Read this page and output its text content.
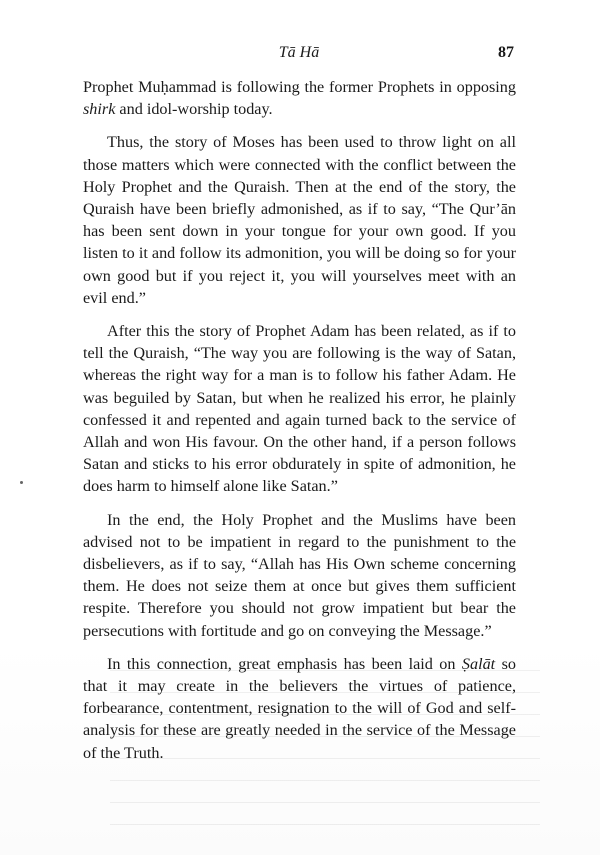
Tā Hā	87

Prophet Muḥammad is following the former Prophets in opposing shirk and idol-worship today.

Thus, the story of Moses has been used to throw light on all those matters which were connected with the conflict between the Holy Prophet and the Quraish. Then at the end of the story, the Quraish have been briefly admonished, as if to say, “The Qur’ān has been sent down in your tongue for your own good. If you listen to it and follow its admonition, you will be doing so for your own good but if you reject it, you will yourselves meet with an evil end.”

After this the story of Prophet Adam has been related, as if to tell the Quraish, “The way you are following is the way of Satan, whereas the right way for a man is to follow his father Adam. He was beguiled by Satan, but when he realized his error, he plainly confessed it and repented and again turned back to the service of Allah and won His favour. On the other hand, if a person follows Satan and sticks to his error obdurately in spite of admonition, he does harm to himself alone like Satan.”

In the end, the Holy Prophet and the Muslims have been advised not to be impatient in regard to the punishment to the disbelievers, as if to say, “Allah has His Own scheme concerning them. He does not seize them at once but gives them sufficient respite. Therefore you should not grow impatient but bear the persecutions with fortitude and go on conveying the Message.”

In this connection, great emphasis has been laid on Ṣalāt so that it may create in the believers the virtues of patience, forbearance, contentment, resignation to the will of God and self-analysis for these are greatly needed in the service of the Message of the Truth.
